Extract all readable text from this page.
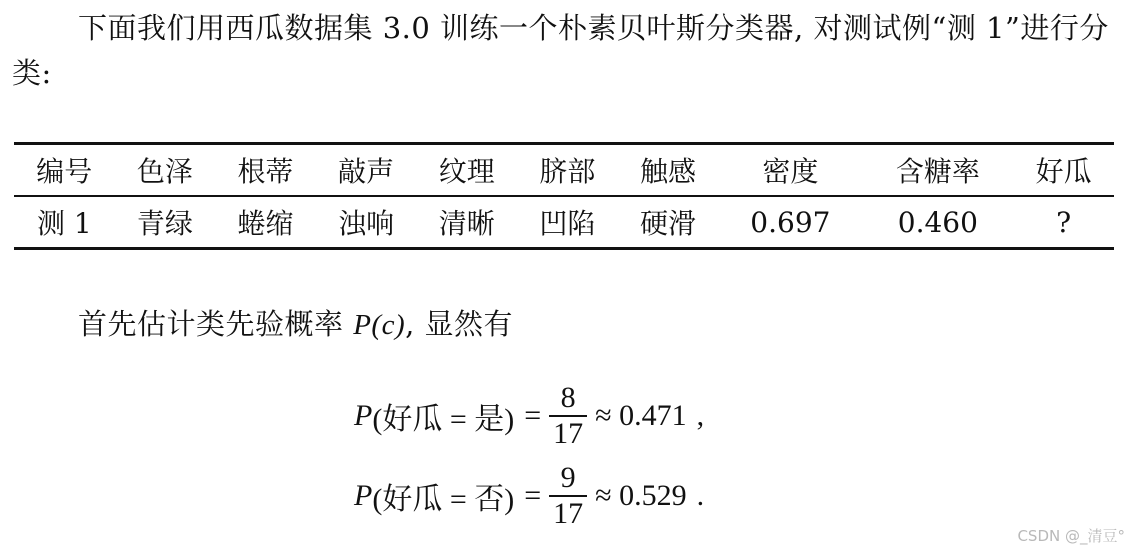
下面我们用西瓜数据集 3.0 训练一个朴素贝叶斯分类器, 对测试例“测 1”进行分类:
编号	色泽	根蒂	敲声	纹理	脐部	触感	密度	含糖率	好瓜
测 1	青绿	蜷缩	浊响	清晰	凹陷	硬滑	0.697	0.460	?
首先估计类先验概率 P(c), 显然有
P (好瓜 = 是) = $\frac{8}{17} \approx 0.471$ ,
P (好瓜 = 否) = $\frac{9}{17} \approx 0.529$ .
CSDN @_清豆°
